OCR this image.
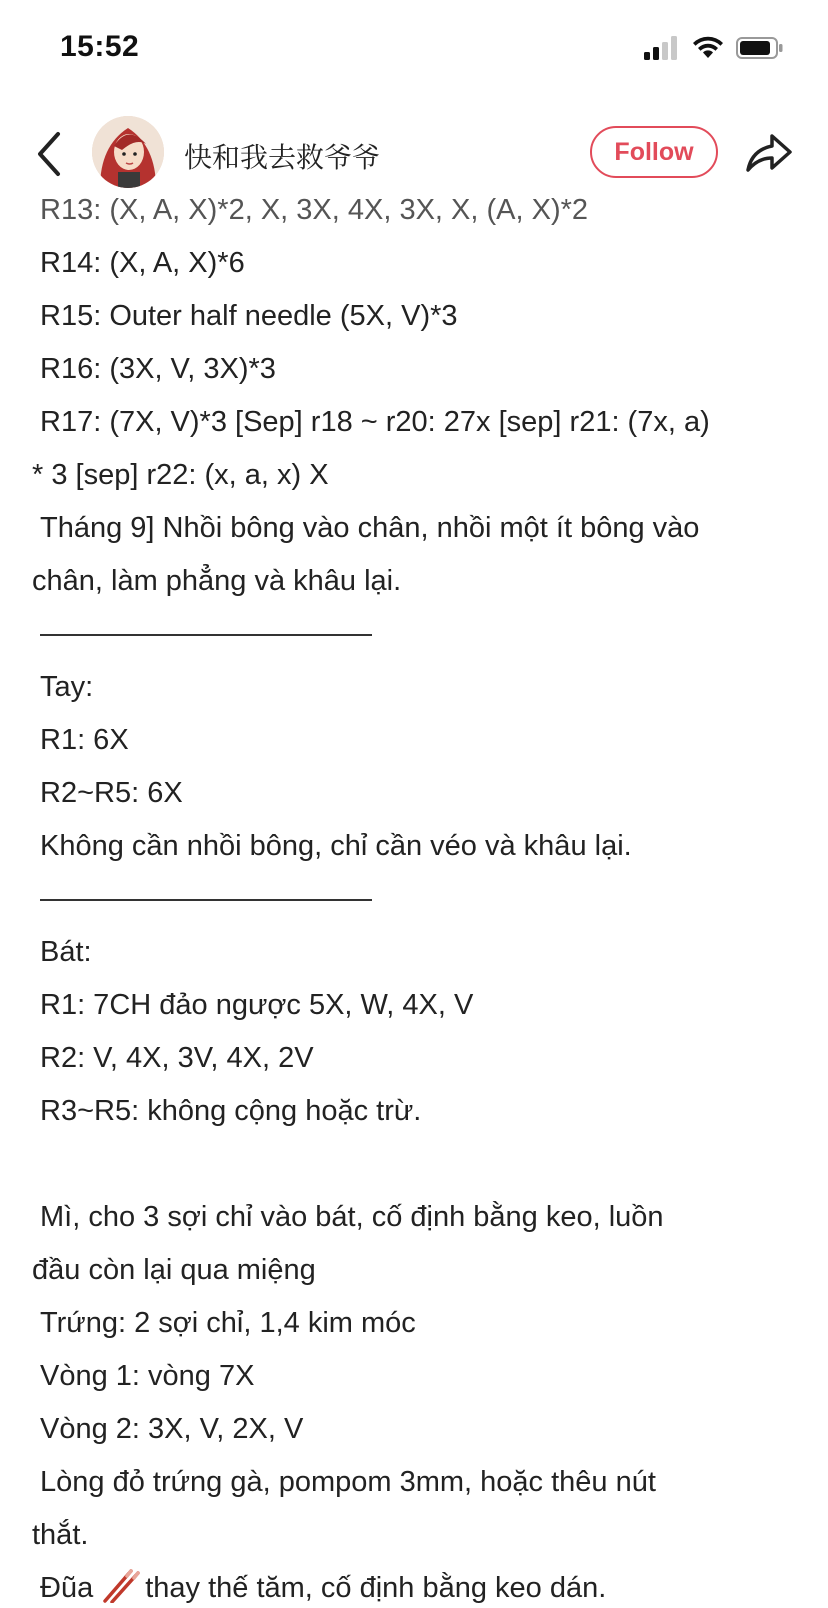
15:52
快和我去救爷爷	Follow
R13: (X, A, X)*2, X, 3X, 4X, 3X, X, (A, X)*2
R14: (X, A, X)*6
R15: Outer half needle (5X, V)*3
R16: (3X, V, 3X)*3
R17: (7X, V)*3 [Sep] r18 ~ r20: 27x [sep] r21: (7x, a)
* 3 [sep] r22: (x, a, x) X
Tháng 9] Nhồi bông vào chân, nhồi một ít bông vào
chân, làm phẳng và khâu lại.
Tay:
R1: 6X
R2~R5: 6X
Không cần nhồi bông, chỉ cần véo và khâu lại.
Bát:
R1: 7CH đảo ngược 5X, W, 4X, V
R2: V, 4X, 3V, 4X, 2V
R3~R5: không cộng hoặc trừ.
Mì, cho 3 sợi chỉ vào bát, cố định bằng keo, luồn
đầu còn lại qua miệng
Trứng: 2 sợi chỉ, 1,4 kim móc
Vòng 1: vòng 7X
Vòng 2: 3X, V, 2X, V
Lòng đỏ trứng gà, pompom 3mm, hoặc thêu nút
thắt.
Đũa thay thế tăm, cố định bằng keo dán.
